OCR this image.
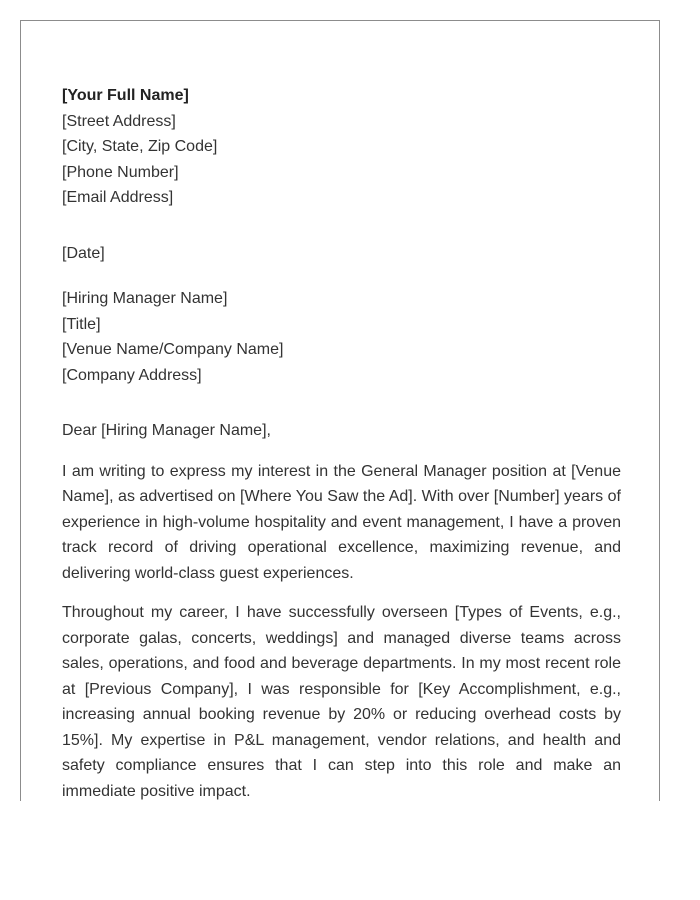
[Your Full Name]

[Street Address]

[City, State, Zip Code]

[Phone Number]

[Email Address]

[Date]

[Hiring Manager Name]

[Title]

[Venue Name/Company Name]

[Company Address]

Dear [Hiring Manager Name],

I am writing to express my interest in the General Manager position at [Venue Name], as advertised on [Where You Saw the Ad]. With over [Number] years of experience in high-volume hospitality and event management, I have a proven track record of driving operational excellence, maximizing revenue, and delivering world-class guest experiences.

Throughout my career, I have successfully overseen [Types of Events, e.g., corporate galas, concerts, weddings] and managed diverse teams across sales, operations, and food and beverage departments. In my most recent role at [Previous Company], I was responsible for [Key Accomplishment, e.g., increasing annual booking revenue by 20% or reducing overhead costs by 15%]. My expertise in P&L management, vendor relations, and health and safety compliance ensures that I can step into this role and make an immediate positive impact.
